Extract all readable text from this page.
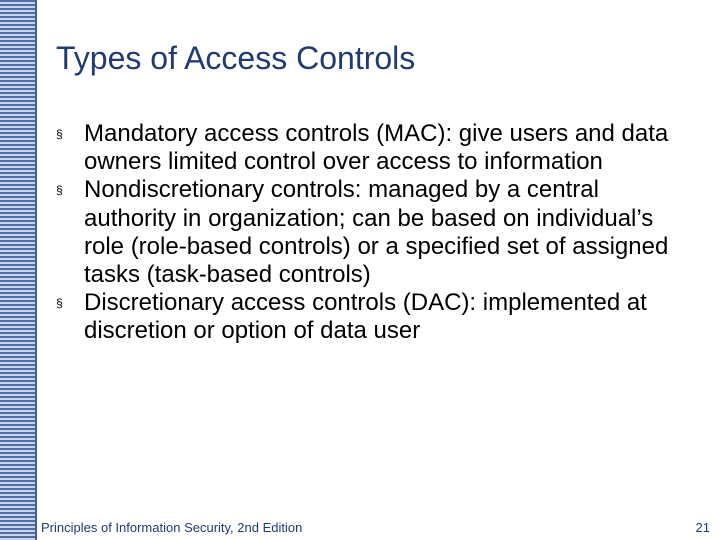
Types of Access Controls
§ Mandatory access controls (MAC): give users and data owners limited control over access to information
§ Nondiscretionary controls: managed by a central authority in organization; can be based on individual’s role (role-based controls) or a specified set of assigned tasks (task-based controls)
§ Discretionary access controls (DAC): implemented at discretion or option of data user
Principles of Information Security, 2nd Edition	21
